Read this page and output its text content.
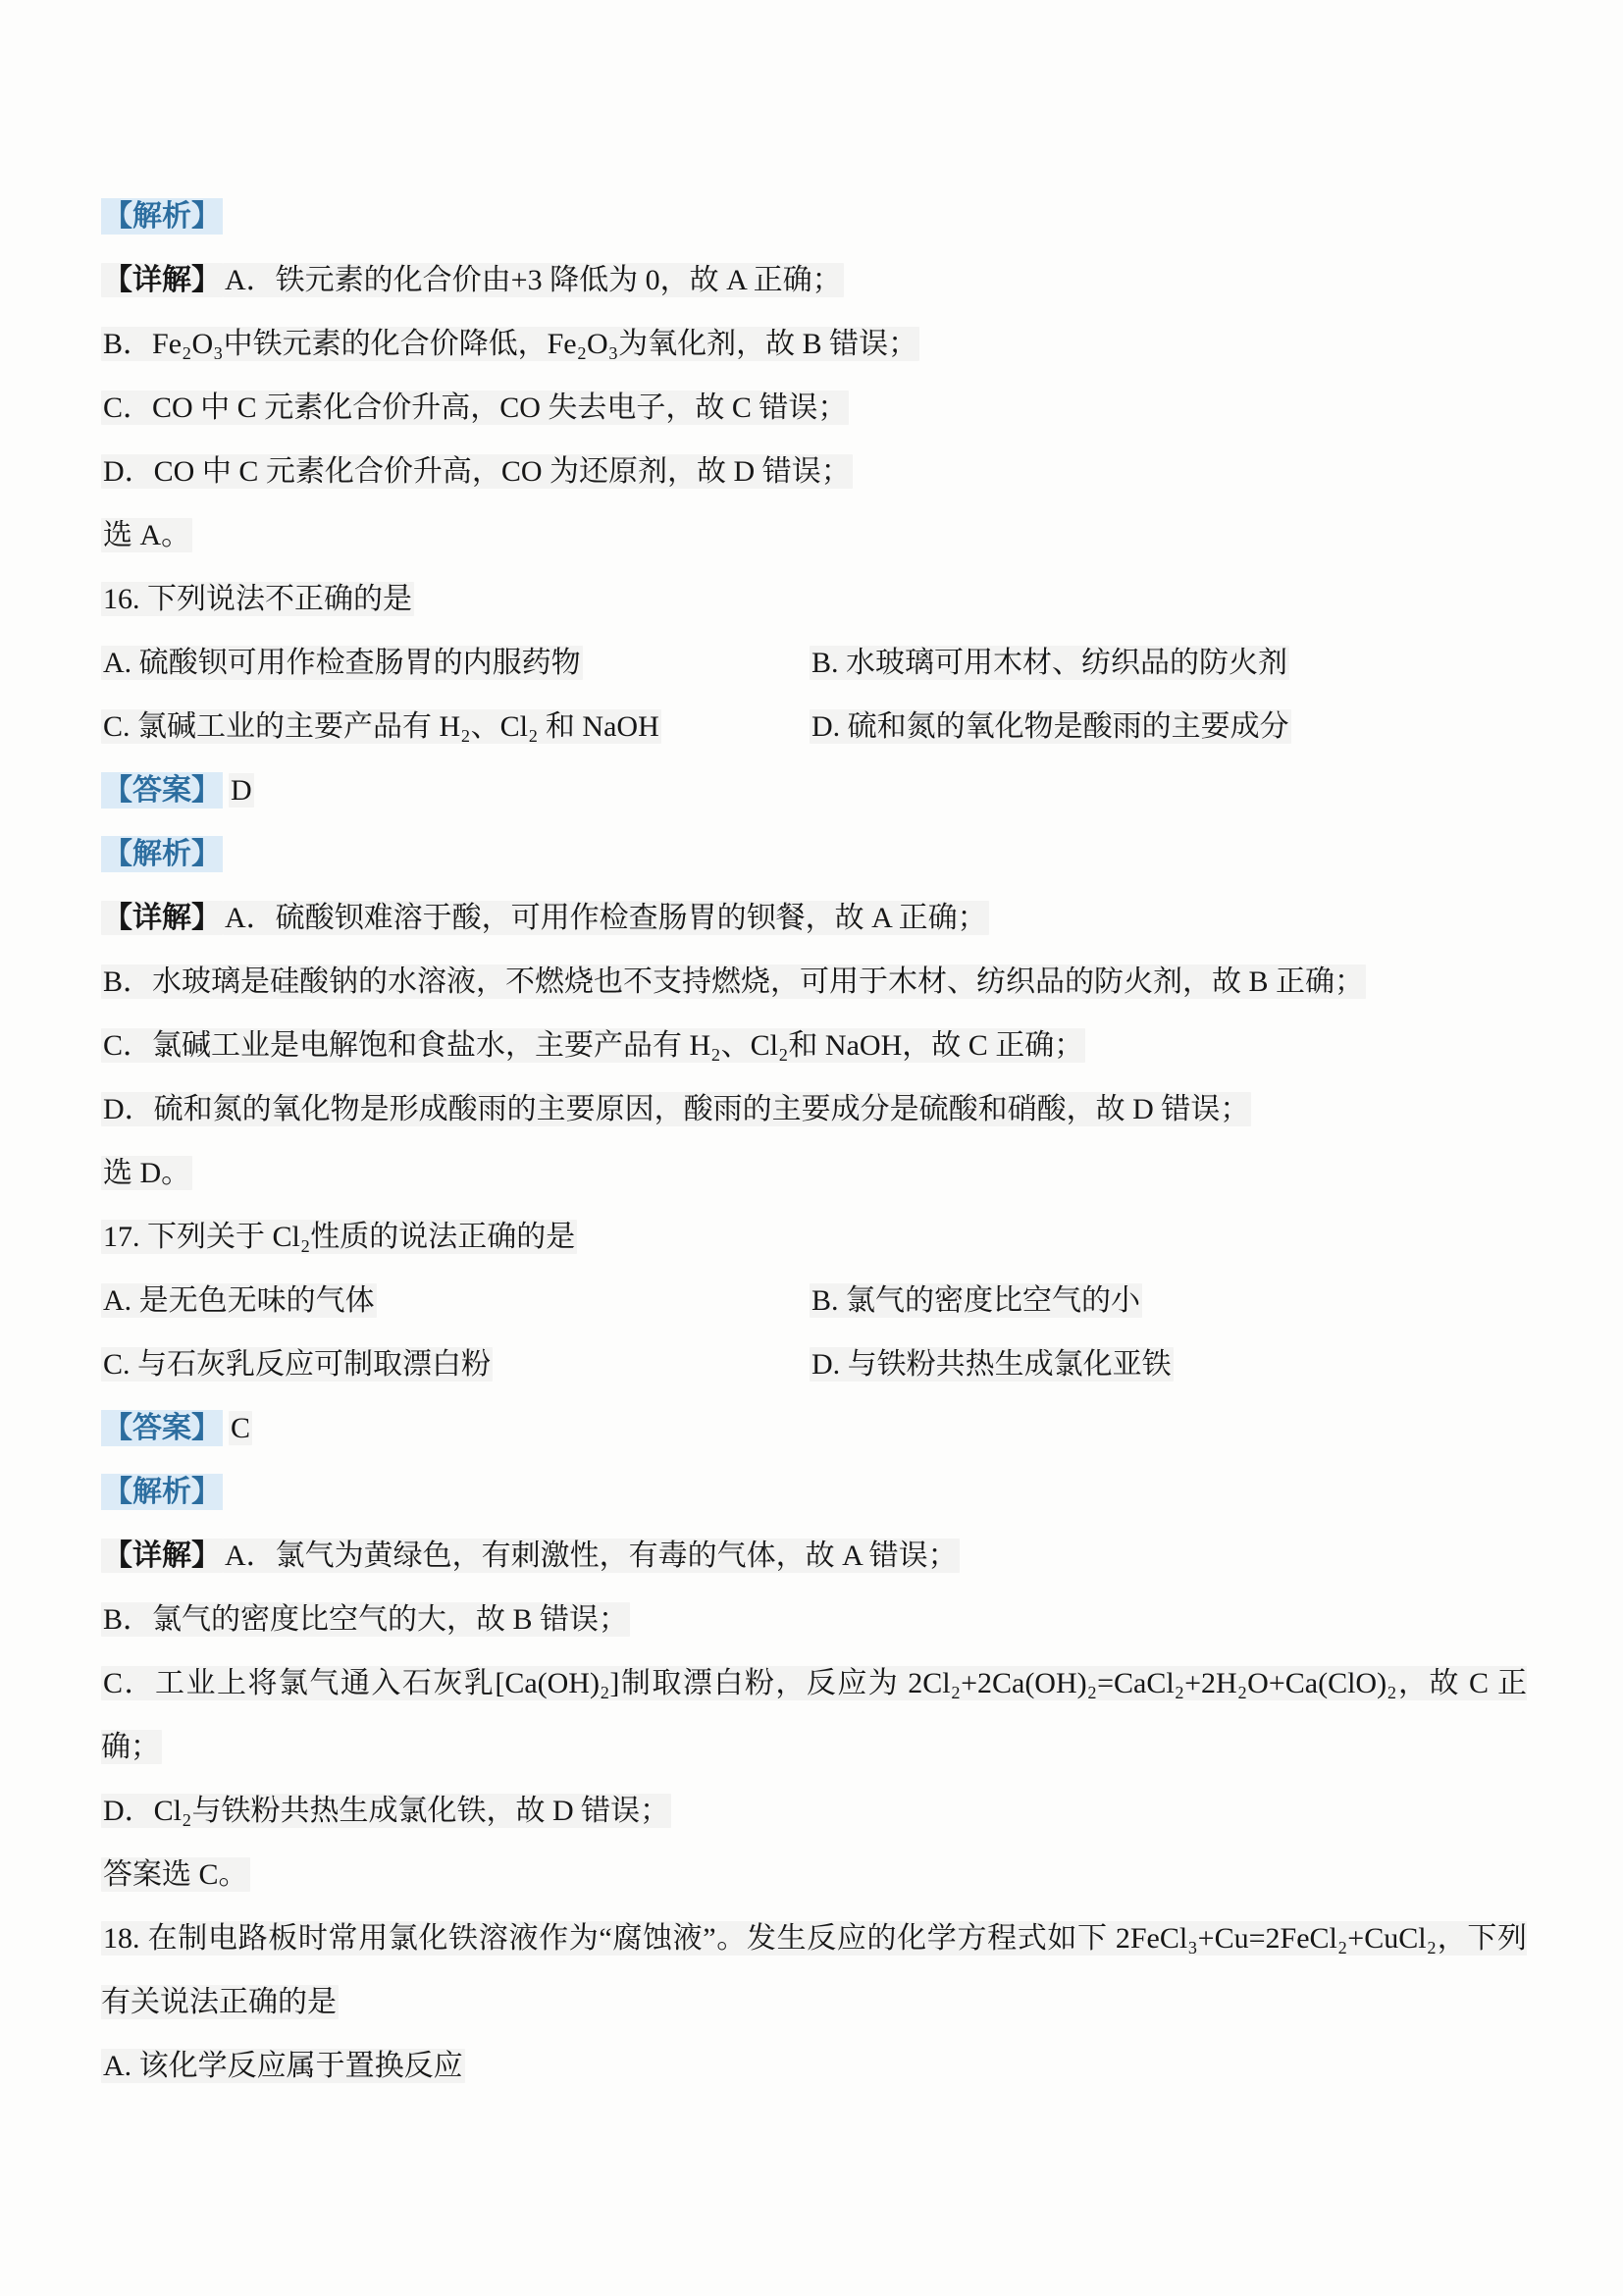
【解析】

【详解】 A．铁元素的化合价由+3 降低为 0，故 A 正确；

B．Fe₂O₃中铁元素的化合价降低，Fe₂O₃为氧化剂，故 B 错误；

C．CO 中 C 元素化合价升高，CO 失去电子，故 C 错误；

D．CO 中 C 元素化合价升高，CO 为还原剂，故 D 错误；

选 A。

16. 下列说法不正确的是

A. 硫酸钡可用作检查肠胃的内服药物	B. 水玻璃可用木材、纺织品的防火剂

C. 氯碱工业的主要产品有 H₂、Cl₂ 和 NaOH	D. 硫和氮的氧化物是酸雨的主要成分

【答案】 D

【解析】

【详解】 A．硫酸钡难溶于酸，可用作检查肠胃的钡餐，故 A 正确；

B．水玻璃是硅酸钠的水溶液，不燃烧也不支持燃烧，可用于木材、纺织品的防火剂，故 B 正确；

C．氯碱工业是电解饱和食盐水，主要产品有 H₂、Cl₂和 NaOH，故 C 正确；

D．硫和氮的氧化物是形成酸雨的主要原因，酸雨的主要成分是硫酸和硝酸，故 D 错误；

选 D。

17. 下列关于 Cl₂性质的说法正确的是

A. 是无色无味的气体	B. 氯气的密度比空气的小

C. 与石灰乳反应可制取漂白粉	D. 与铁粉共热生成氯化亚铁

【答案】 C

【解析】

【详解】 A．氯气为黄绿色，有刺激性，有毒的气体，故 A 错误；

B．氯气的密度比空气的大，故 B 错误；

C．工业上将氯气通入石灰乳[Ca(OH)₂]制取漂白粉，反应为 2Cl₂+2Ca(OH)₂=CaCl₂+2H₂O+Ca(ClO)₂，故 C 正确；

D．Cl₂与铁粉共热生成氯化铁，故 D 错误；

答案选 C。

18. 在制电路板时常用氯化铁溶液作为“腐蚀液”。发生反应的化学方程式如下 2FeCl₃+Cu=2FeCl₂+CuCl₂，下列有关说法正确的是

A. 该化学反应属于置换反应
